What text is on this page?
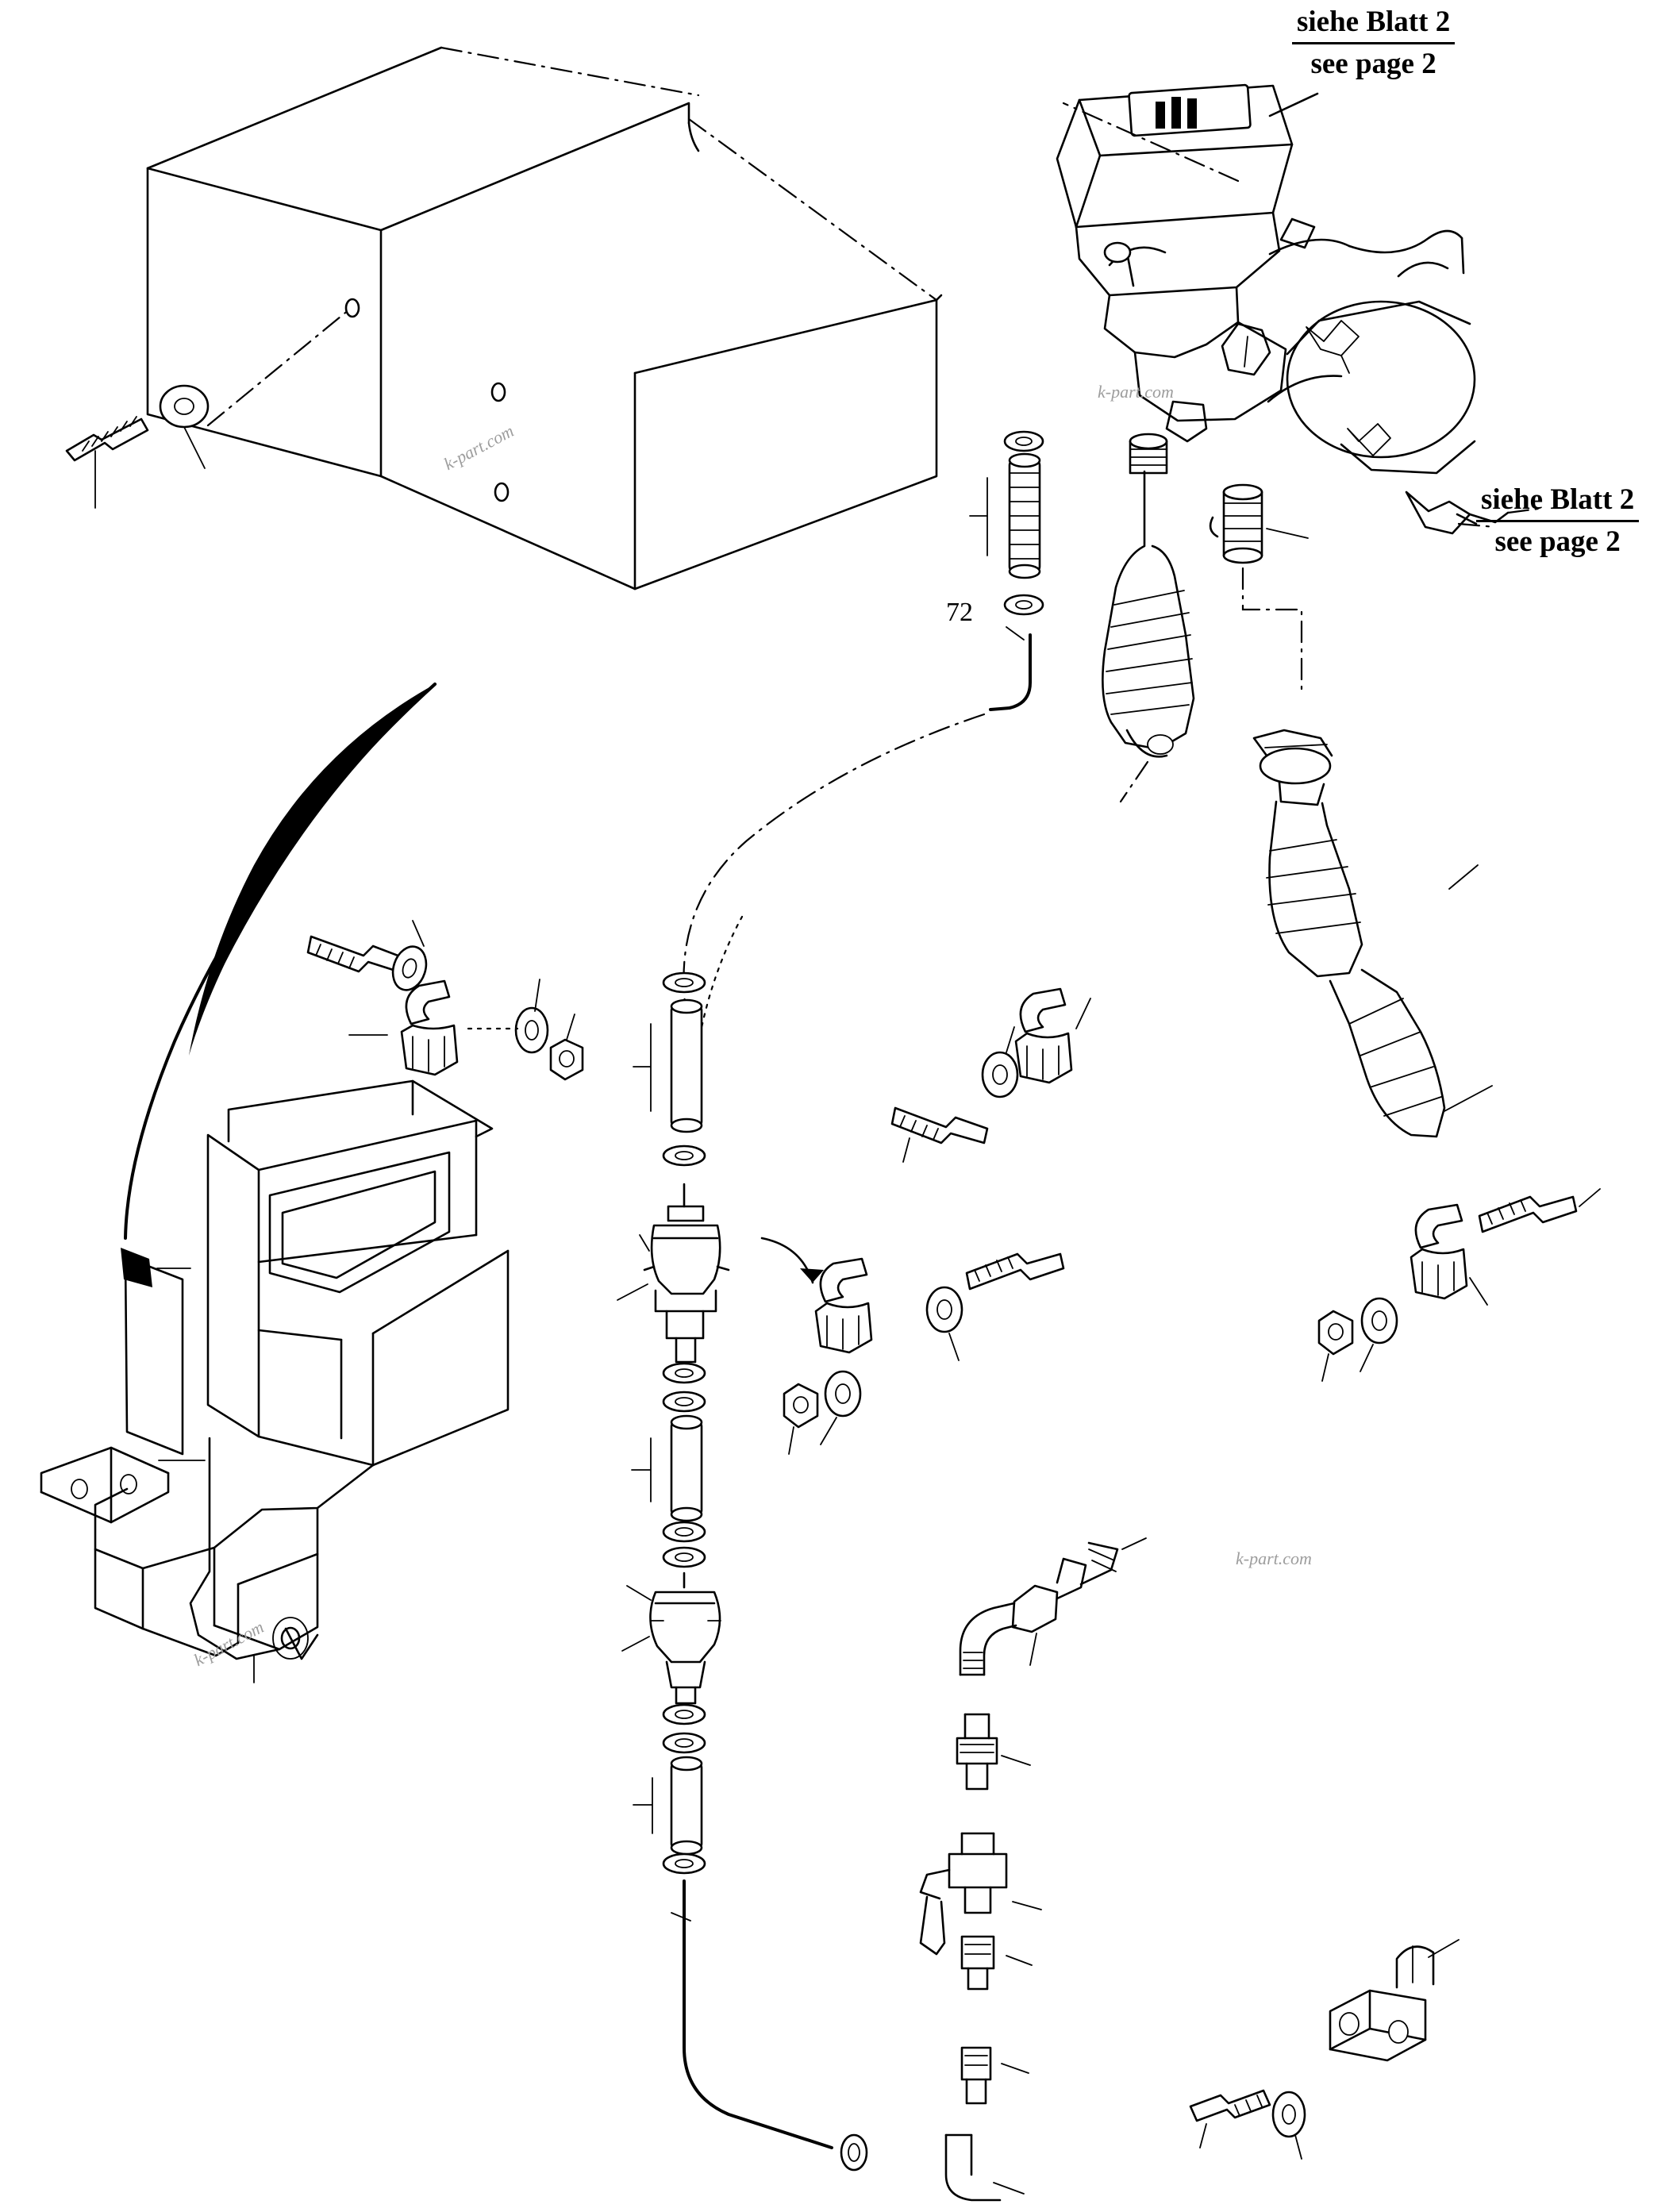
siehe Blatt 2
see page 2
siehe Blatt 2
see page 2
72
k-part.com
k-part.com
k-part.com
k-part.com
